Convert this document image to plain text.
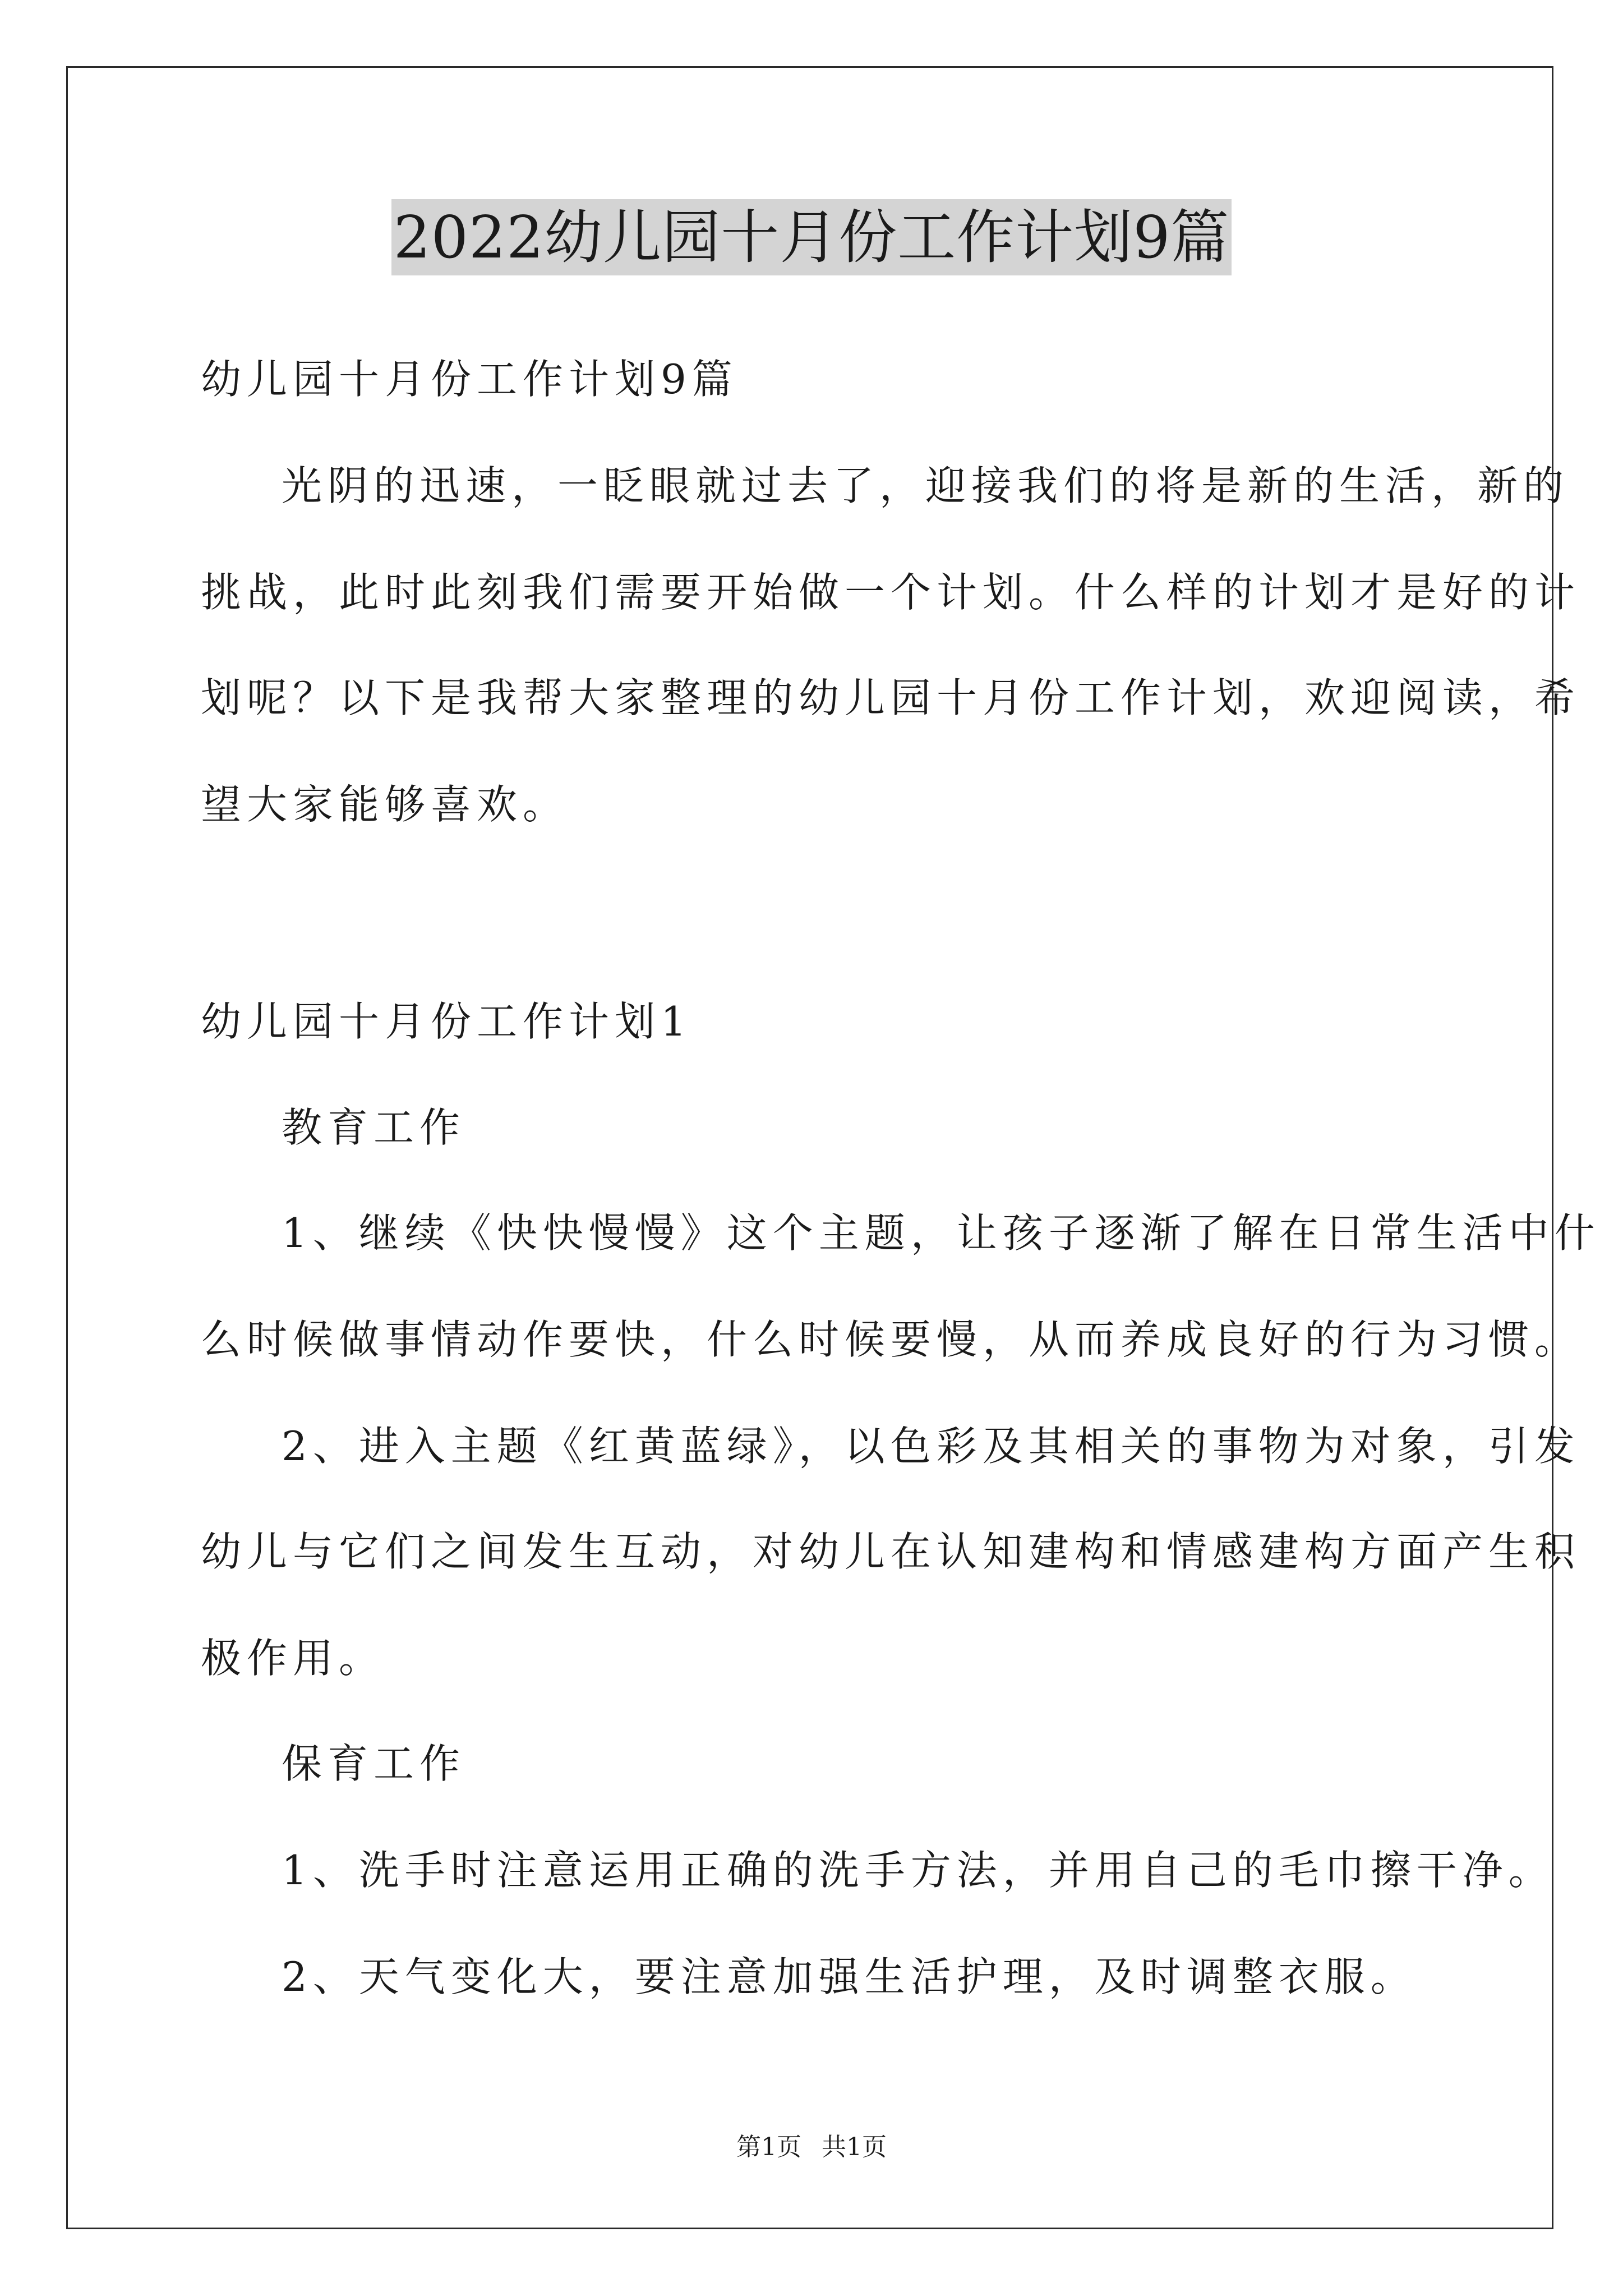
2022幼儿园十月份工作计划9篇
幼儿园十月份工作计划9篇
光阴的迅速，一眨眼就过去了，迎接我们的将是新的生活，新的
挑战，此时此刻我们需要开始做一个计划。什么样的计划才是好的计
划呢？以下是我帮大家整理的幼儿园十月份工作计划，欢迎阅读，希
望大家能够喜欢。
幼儿园十月份工作计划1
教育工作
1、继续《快快慢慢》这个主题，让孩子逐渐了解在日常生活中什
么时候做事情动作要快，什么时候要慢，从而养成良好的行为习惯。
2、进入主题《红黄蓝绿》，以色彩及其相关的事物为对象，引发
幼儿与它们之间发生互动，对幼儿在认知建构和情感建构方面产生积
极作用。
保育工作
1、洗手时注意运用正确的洗手方法，并用自己的毛巾擦干净。
2、天气变化大，要注意加强生活护理，及时调整衣服。
第1页 共1页
